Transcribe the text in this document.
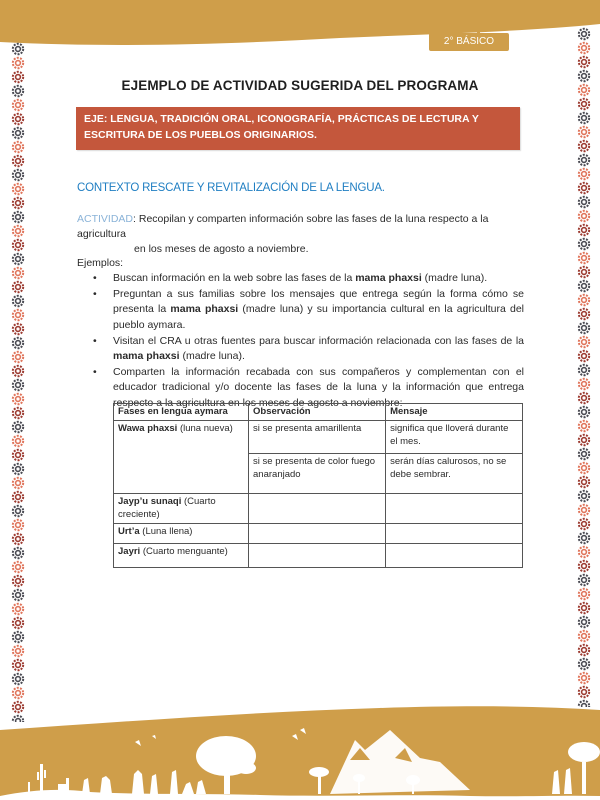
2° BÁSICO Unidad 4
EJEMPLO DE ACTIVIDAD SUGERIDA DEL PROGRAMA
EJE: LENGUA, TRADICIÓN ORAL, ICONOGRAFÍA, PRÁCTICAS DE LECTURA Y ESCRITURA DE LOS PUEBLOS ORIGINARIOS.
CONTEXTO RESCATE Y REVITALIZACIÓN DE LA LENGUA.
ACTIVIDAD: Recopilan y comparten información sobre las fases de la luna respecto a la agricultura
en los meses de agosto a noviembre.
Ejemplos:
• Buscan información en la web sobre las fases de la mama phaxsi (madre luna).
• Preguntan a sus familias sobre los mensajes que entrega según la forma cómo se presenta la mama phaxsi (madre luna) y su importancia cultural en la agricultura del pueblo aymara.
• Visitan el CRA u otras fuentes para buscar información relacionada con las fases de la mama phaxsi (madre luna).
• Comparten la información recabada con sus compañeros y complementan con el educador tradicional y/o docente las fases de la luna y la información que entrega respecto a la agricultura en los meses de agosto a noviembre:
Fases en lengua aymara	Observación	Mensaje
Wawa phaxsi (luna nueva)	si se presenta amarillenta	significa que lloverá durante el mes.
	si se presenta de color fuego anaranjado	serán días calurosos, no se debe sembrar.
Jayp’u sunaqi (Cuarto creciente)		
Urt’a (Luna llena)		
Jayri (Cuarto menguante)		
